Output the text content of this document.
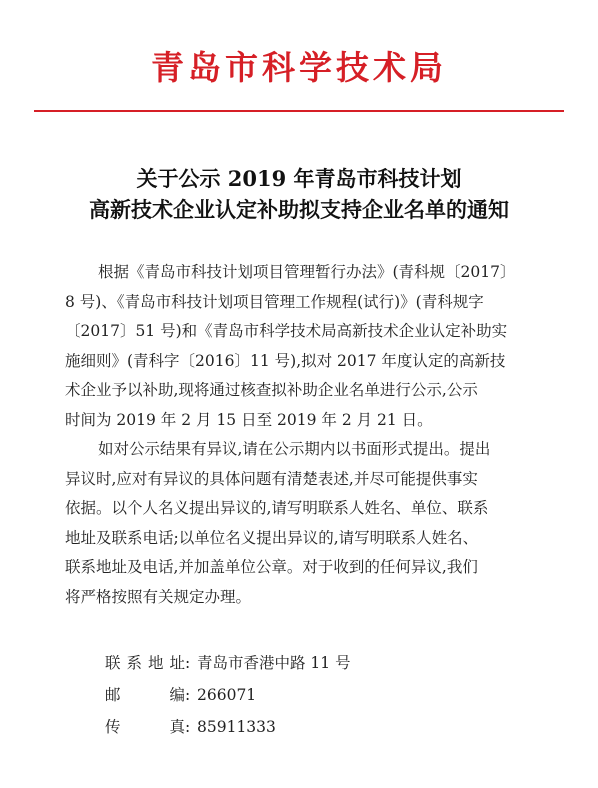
青岛市科学技术局
关于公示 2019 年青岛市科技计划
高新技术企业认定补助拟支持企业名单的通知
根据《青岛市科技计划项目管理暂行办法》(青科规〔2017〕
8 号)、《青岛市科技计划项目管理工作规程(试行)》(青科规字
〔2017〕51 号)和《青岛市科学技术局高新技术企业认定补助实
施细则》(青科字〔2016〕11 号),拟对 2017 年度认定的高新技
术企业予以补助,现将通过核查拟补助企业名单进行公示,公示
时间为 2019 年 2 月 15 日至 2019 年 2 月 21 日。
如对公示结果有异议,请在公示期内以书面形式提出。提出
异议时,应对有异议的具体问题有清楚表述,并尽可能提供事实
依据。以个人名义提出异议的,请写明联系人姓名、单位、联系
地址及联系电话;以单位名义提出异议的,请写明联系人姓名、
联系地址及电话,并加盖单位公章。对于收到的任何异议,我们
将严格按照有关规定办理。
联系地址 : 青岛市香港中路 11 号
邮编 : 266071
传真 : 85911333
